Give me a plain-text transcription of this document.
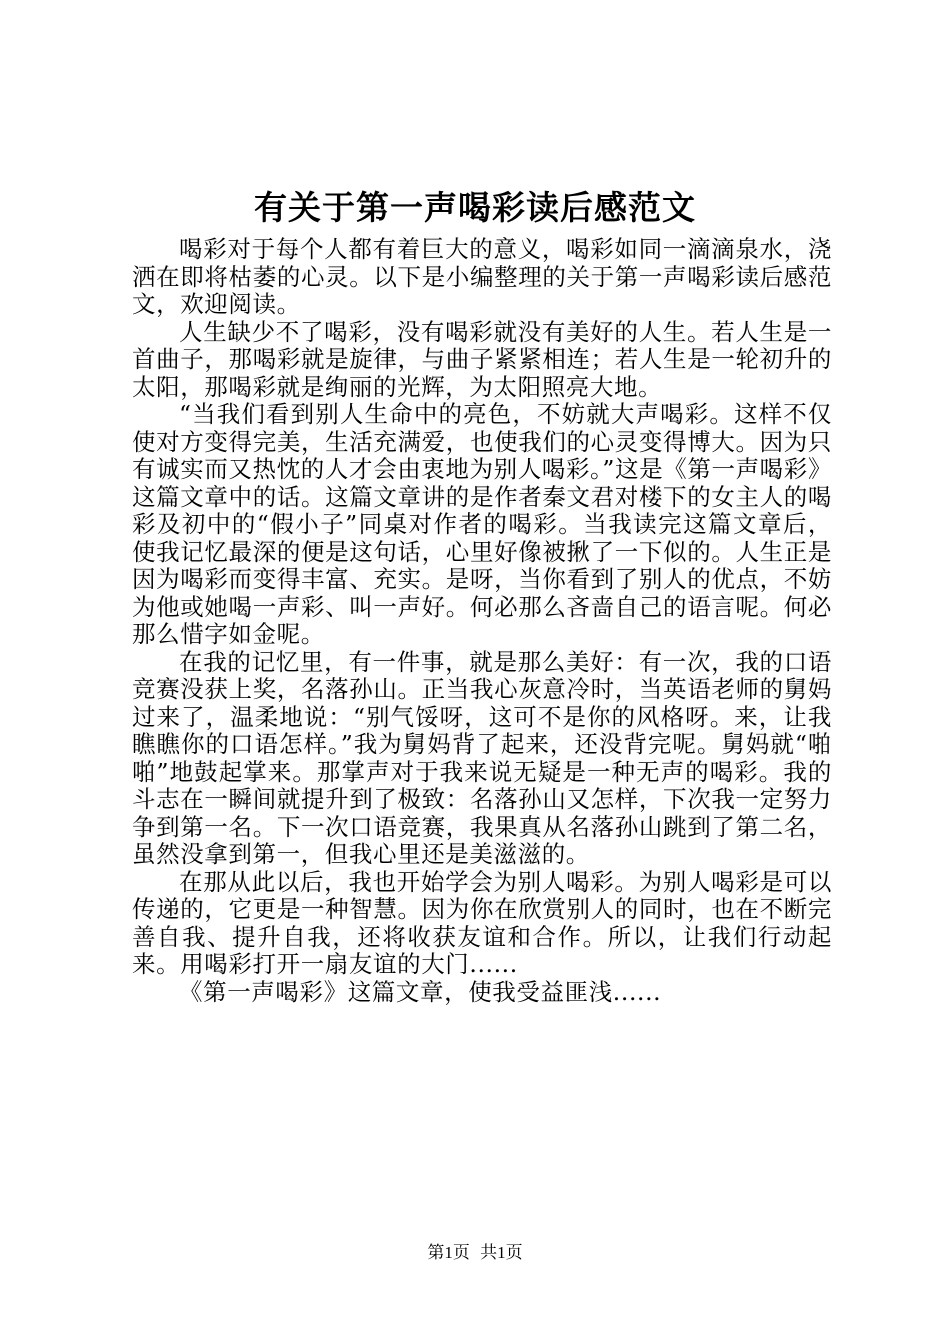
有关于第一声喝彩读后感范文

喝彩对于每个人都有着巨大的意义，喝彩如同一滴滴泉水，浇洒在即将枯萎的心灵。以下是小编整理的关于第一声喝彩读后感范文，欢迎阅读。

人生缺少不了喝彩，没有喝彩就没有美好的人生。若人生是一首曲子，那喝彩就是旋律，与曲子紧紧相连；若人生是一轮初升的太阳，那喝彩就是绚丽的光辉，为太阳照亮大地。

“当我们看到别人生命中的亮色，不妨就大声喝彩。这样不仅使对方变得完美，生活充满爱，也使我们的心灵变得博大。因为只有诚实而又热忱的人才会由衷地为别人喝彩。”这是《第一声喝彩》这篇文章中的话。这篇文章讲的是作者秦文君对楼下的女主人的喝彩及初中的“假小子”同桌对作者的喝彩。当我读完这篇文章后，使我记忆最深的便是这句话，心里好像被揪了一下似的。人生正是因为喝彩而变得丰富、充实。是呀，当你看到了别人的优点，不妨为他或她喝一声彩、叫一声好。何必那么吝啬自己的语言呢。何必那么惜字如金呢。

在我的记忆里，有一件事，就是那么美好：有一次，我的口语竞赛没获上奖，名落孙山。正当我心灰意冷时，当英语老师的舅妈过来了，温柔地说：“别气馁呀，这可不是你的风格呀。来，让我瞧瞧你的口语怎样。”我为舅妈背了起来，还没背完呢。舅妈就“啪啪”地鼓起掌来。那掌声对于我来说无疑是一种无声的喝彩。我的斗志在一瞬间就提升到了极致：名落孙山又怎样，下次我一定努力争到第一名。下一次口语竞赛，我果真从名落孙山跳到了第二名，虽然没拿到第一，但我心里还是美滋滋的。

在那从此以后，我也开始学会为别人喝彩。为别人喝彩是可以传递的，它更是一种智慧。因为你在欣赏别人的同时，也在不断完善自我、提升自我，还将收获友谊和合作。所以，让我们行动起来。用喝彩打开一扇友谊的大门......

《第一声喝彩》这篇文章，使我受益匪浅......

第1页 共1页
